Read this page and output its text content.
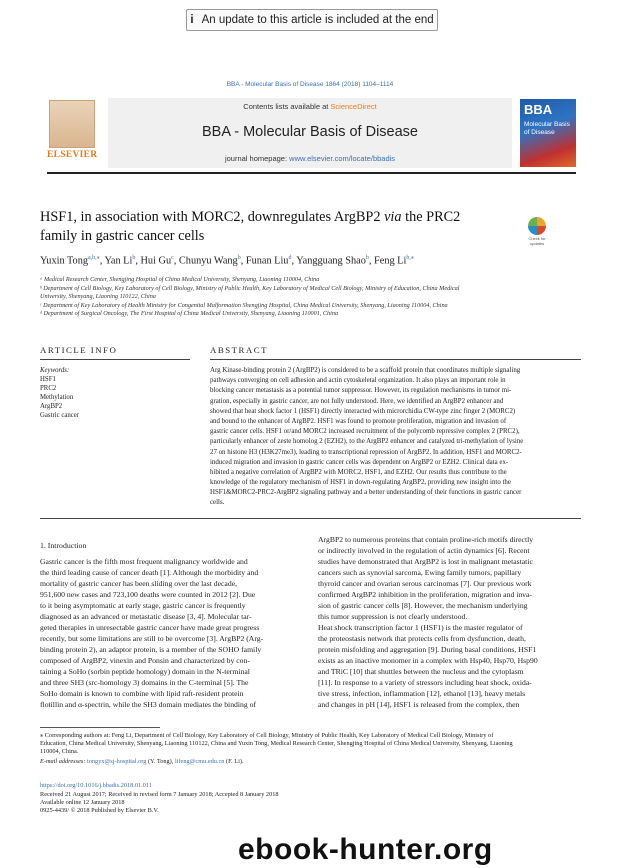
i An update to this article is included at the end
BBA - Molecular Basis of Disease 1864 (2018) 1104–1114
ELSEVIER
Contents lists available at ScienceDirect
BBA - Molecular Basis of Disease
journal homepage: www.elsevier.com/locate/bbadis
BBA
Molecular Basis of Disease
HSF1, in association with MORC2, downregulates ArgBP2 via the PRC2
family in gastric cancer cells	Check for updates
Yuxin Tong$^{a,b,⁎}$, Yan Li$^b$, Hui Gu$^c$, Chunyu Wang$^b$, Funan Liu$^d$, Yangguang Shao$^b$, Feng $Li^{b,⁎}$
ᵃ Medical Research Center, Shengjing Hospital of China Medical University, Shenyang, Liaoning 110004, China
ᵇ Department of Cell Biology, Key Laboratory of Cell Biology, Ministry of Public Health, Key Laboratory of Medical Cell Biology, Ministry of Education, China Medical
University, Shenyang, Liaoning 110122, China
ᶜ Department of Key Laboratory of Health Ministry for Congenital Malformation Shengjing Hospital, China Medical University, Shenyang, Liaoning 110004, China
ᵈ Department of Surgical Oncology, The First Hospital of China Medical University, Shenyang, Liaoning 110001, China
ARTICLE INFO	ABSTRACT
Keywords:
HSF1
PRC2
Methylation
ArgBP2
Gastric cancer
Arg Kinase-binding protein 2 (ArgBP2) is considered to be a scaffold protein that coordinates multiple signaling
pathways converging on cell adhesion and actin cytoskeletal organization. It also plays an important role in
blocking cancer metastasis as a potential tumor suppressor. However, its regulation mechanisms in tumor mi-
gration, especially in gastric cancer, are not fully understood. Here, we identified an ArgBP2 enhancer and
showed that heat shock factor 1 (HSF1) directly interacted with microrchidia CW-type zinc finger 2 (MORC2)
and bound to the enhancer of ArgBP2. HSF1 was found to promote proliferation, migration and invasion of
gastric cancer cells. HSF1 or/and MORC2 increased recruitment of the polycomb repressive complex 2 (PRC2),
particularly enhancer of zeste homolog 2 (EZH2), to the ArgBP2 enhancer and catalyzed tri-methylation of lysine
27 on histone H3 (H3K27me3), leading to transcriptional repression of ArgBP2. In addition, HSF1 and MORC2-
induced migration and invasion in gastric cancer cells was dependent on ArgBP2 or EZH2. Clinical data ex-
hibited a negative correlation of ArgBP2 with MORC2, HSF1, and EZH2. Our results thus contribute to the
knowledge of the regulatory mechanism of HSF1 in down-regulating ArgBP2, providing new insight into the
HSF1&MORC2-PRC2-ArgBP2 signaling pathway and a better understanding of their functions in gastric cancer
cells.
1. Introduction
Gastric cancer is the fifth most frequent malignancy worldwide and
the third leading cause of cancer death [1]. Although the morbidity and
mortality of gastric cancer has been sliding over the last decade,
951,600 new cases and 723,100 deaths were counted in 2012 [2]. Due
to it being asymptomatic at early stage, gastric cancer is frequently
diagnosed as an advanced or metastatic disease [3, 4]. Molecular tar-
geted therapies in unresectable gastric cancer have made great progress
recently, but some limitations are still to be overcome [3]. ArgBP2 (Arg-
binding protein 2), an adaptor protein, is a member of the SOHO family
composed of ArgBP2, vinexin and Ponsin and characterized by con-
taining a SoHo (sorbin peptide homology) domain in the N-terminal
and three SH3 (src-homology 3) domains in the C-terminal [5]. The
SoHo domain is known to combine with lipid raft-resident protein
flotillin and α-spectrin, while the SH3 domain mediates the binding of
ArgBP2 to numerous proteins that contain proline-rich motifs directly
or indirectly involved in the regulation of actin dynamics [6]. Recent
studies have demonstrated that ArgBP2 is lost in malignant metastatic
cancers such as synovial sarcoma, Ewing family tumors, papillary
thyroid cancer and ovarian serous carcinomas [7]. Our previous work
confirmed ArgBP2 inhibition in the proliferation, migration and inva-
sion of gastric cancer cells [8]. However, the mechanism underlying
this tumor suppression is not clearly understood.
Heat shock transcription factor 1 (HSF1) is the master regulator of
the proteostasis network that protects cells from dysfunction, death,
protein misfolding and aggregation [9]. During basal conditions, HSF1
exists as an inactive monomer in a complex with Hsp40, Hsp70, Hsp90
and TRiC [10] that shuttles between the nucleus and the cytoplasm
[11]. In response to a variety of stressors including heat shock, oxida-
tive stress, infection, inflammation [12], ethanol [13], heavy metals
and changes in pH [14], HSF1 is released from the complex, then
⁎ Corresponding authors at: Feng Li, Department of Cell Biology, Key Laboratory of Cell Biology, Ministry of Public Health, Key Laboratory of Medical Cell Biology, Ministry of
Education, China Medical University, Shenyang, Liaoning 110122, China and Yuxin Tong, Medical Research Center, Shengjing Hospital of China Medical University, Shenyang, Liaoning
110004, China.
E-mail addresses: tongyx@sj-hospital.org (Y. Tong), lifeng@cmu.edu.cn (F. Li).
https://doi.org/10.1016/j.bbadis.2018.01.011
Received 21 August 2017; Received in revised form 7 January 2018; Accepted 8 January 2018
Available online 12 January 2018
0925-4439/ © 2018 Published by Elsevier B.V.
ebook-hunter.org
